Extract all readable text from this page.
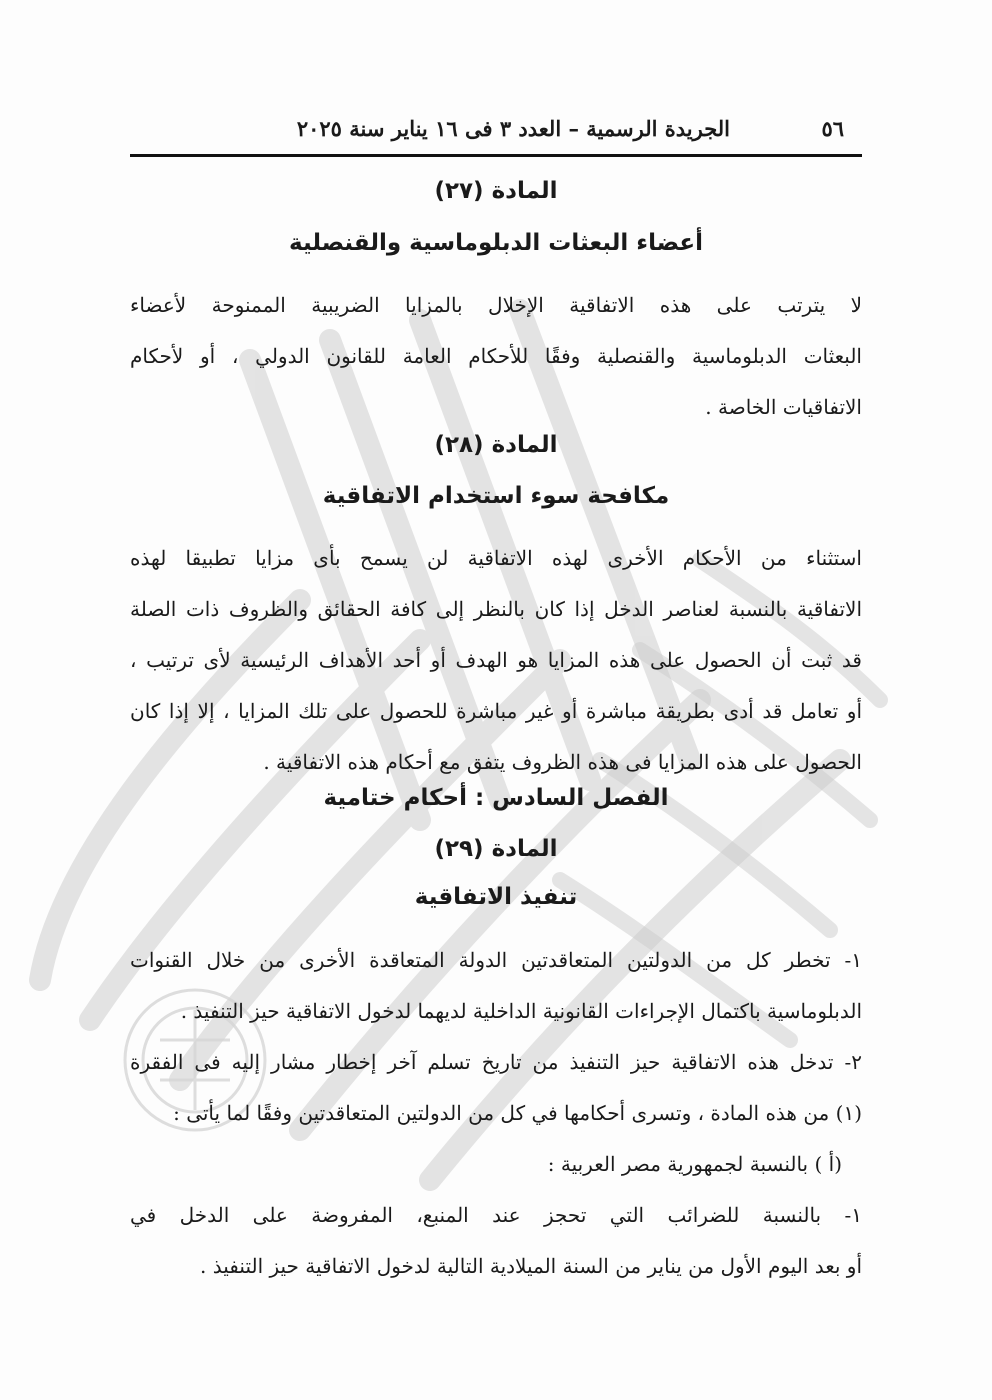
٥٦
الجريدة الرسمية – العدد ٣ فى ١٦ يناير سنة ٢٠٢٥
المادة (٢٧)
أعضاء البعثات الدبلوماسية والقنصلية
لا يترتب على هذه الاتفاقية الإخلال بالمزايا الضريبية الممنوحة لأعضاء
البعثات الدبلوماسية والقنصلية وفقًا للأحكام العامة للقانون الدولي ، أو لأحكام
الاتفاقيات الخاصة .
المادة (٢٨)
مكافحة سوء استخدام الاتفاقية
استثناء من الأحكام الأخرى لهذه الاتفاقية لن يسمح بأى مزايا تطبيقا لهذه
الاتفاقية بالنسبة لعناصر الدخل إذا كان بالنظر إلى كافة الحقائق والظروف ذات الصلة
قد ثبت أن الحصول على هذه المزايا هو الهدف أو أحد الأهداف الرئيسية لأى ترتيب ،
أو تعامل قد أدى بطريقة مباشرة أو غير مباشرة للحصول على تلك المزايا ، إلا إذا كان
الحصول على هذه المزايا فى هذه الظروف يتفق مع أحكام هذه الاتفاقية .
الفصل السادس : أحكام ختامية
المادة (٢٩)
تنفيذ الاتفاقية
١- تخطر كل من الدولتين المتعاقدتين الدولة المتعاقدة الأخرى من خلال القنوات
الدبلوماسية باكتمال الإجراءات القانونية الداخلية لديهما لدخول الاتفاقية حيز التنفيذ .
٢- تدخل هذه الاتفاقية حيز التنفيذ من تاريخ تسلم آخر إخطار مشار إليه فى الفقرة
(١) من هذه المادة ، وتسرى أحكامها في كل من الدولتين المتعاقدتين وفقًا لما يأتى :
(أ ) بالنسبة لجمهورية مصر العربية :
١- بالنسبة للضرائب التي تحجز عند المنبع، المفروضة على الدخل في
أو بعد اليوم الأول من يناير من السنة الميلادية التالية لدخول الاتفاقية حيز التنفيذ .
